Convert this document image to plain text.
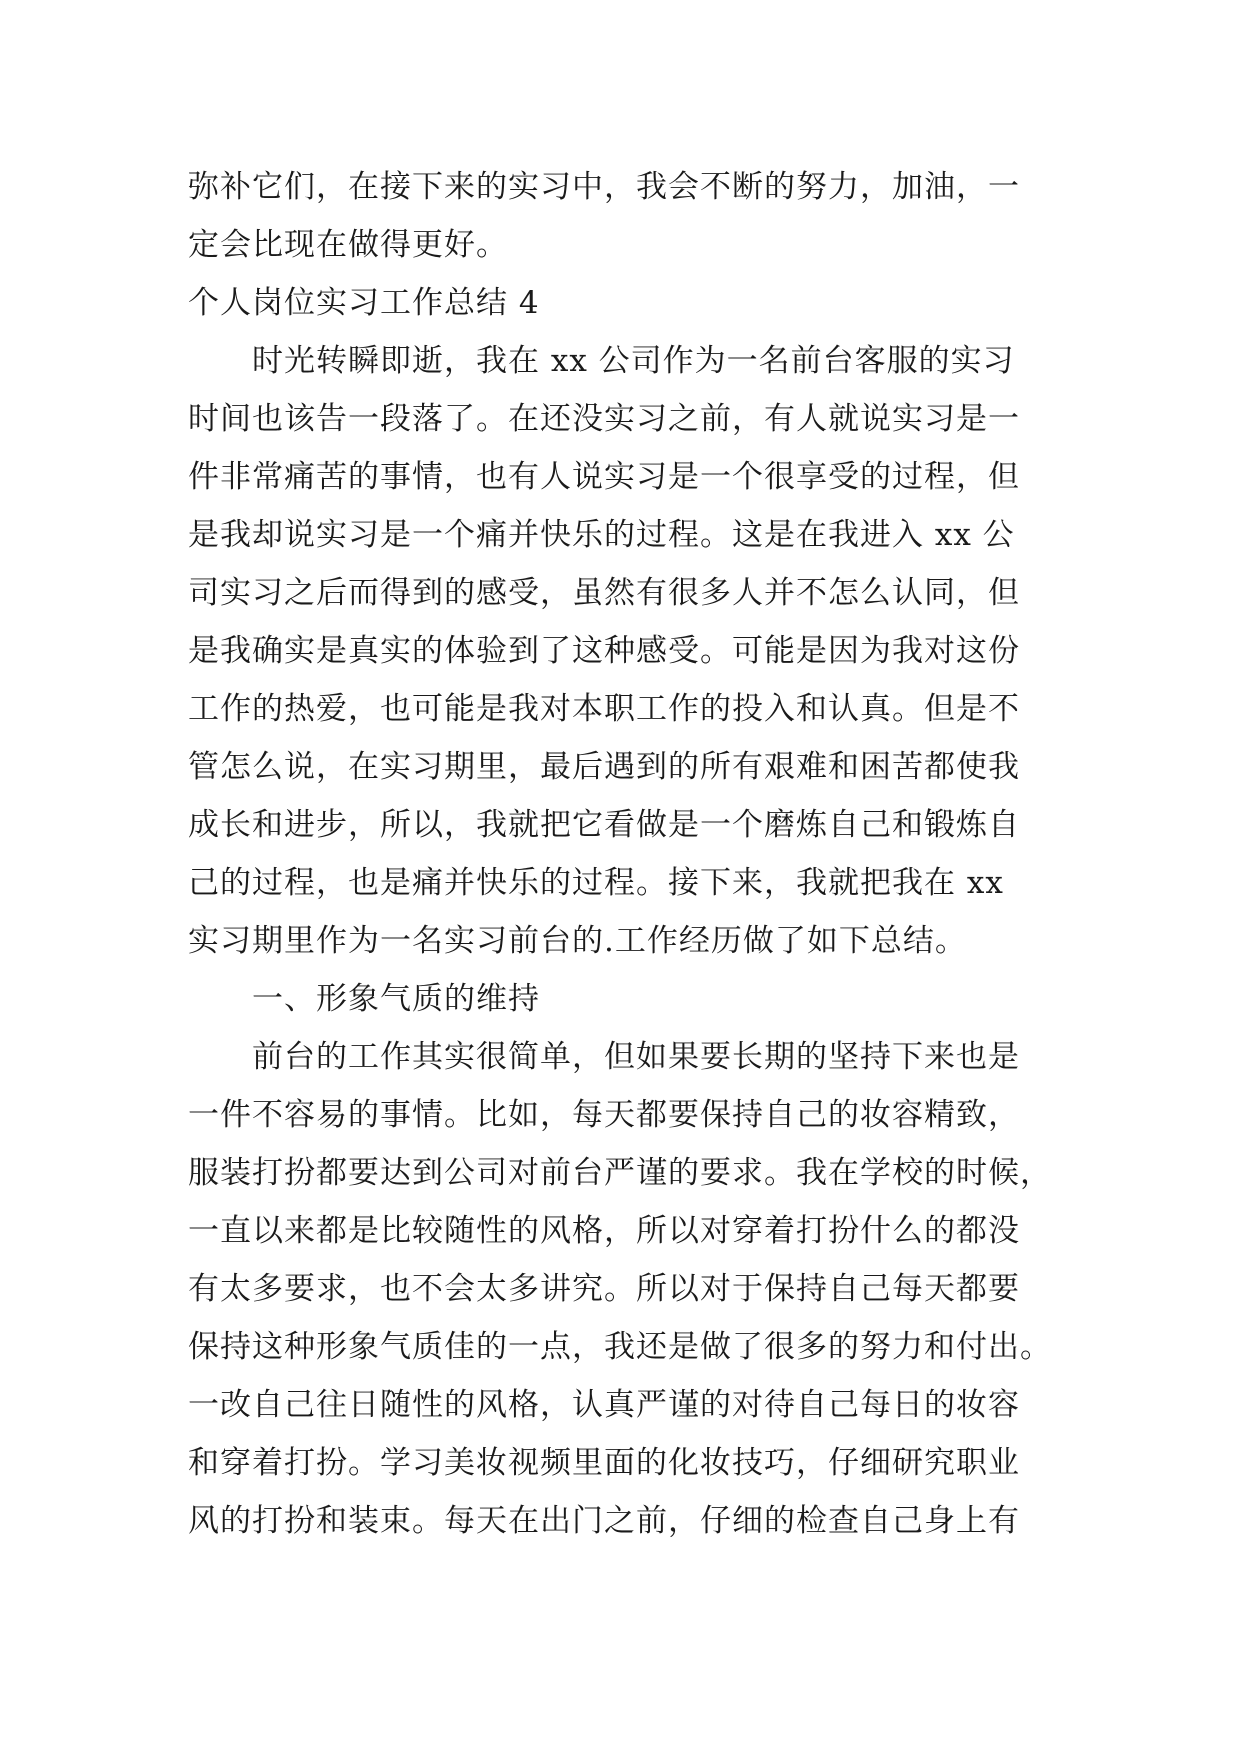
弥补它们，在接下来的实习中，我会不断的努力，加油，一
定会比现在做得更好。
个人岗位实习工作总结 4
时光转瞬即逝，我在 xx 公司作为一名前台客服的实习
时间也该告一段落了。在还没实习之前，有人就说实习是一
件非常痛苦的事情，也有人说实习是一个很享受的过程，但
是我却说实习是一个痛并快乐的过程。这是在我进入 xx 公
司实习之后而得到的感受，虽然有很多人并不怎么认同，但
是我确实是真实的体验到了这种感受。可能是因为我对这份
工作的热爱，也可能是我对本职工作的投入和认真。但是不
管怎么说，在实习期里，最后遇到的所有艰难和困苦都使我
成长和进步，所以，我就把它看做是一个磨炼自己和锻炼自
己的过程，也是痛并快乐的过程。接下来，我就把我在 xx
实习期里作为一名实习前台的.工作经历做了如下总结。
一、形象气质的维持
前台的工作其实很简单，但如果要长期的坚持下来也是
一件不容易的事情。比如，每天都要保持自己的妆容精致，
服装打扮都要达到公司对前台严谨的要求。我在学校的时候，
一直以来都是比较随性的风格，所以对穿着打扮什么的都没
有太多要求，也不会太多讲究。所以对于保持自己每天都要
保持这种形象气质佳的一点，我还是做了很多的努力和付出。
一改自己往日随性的风格，认真严谨的对待自己每日的妆容
和穿着打扮。学习美妆视频里面的化妆技巧，仔细研究职业
风的打扮和装束。每天在出门之前，仔细的检查自己身上有
